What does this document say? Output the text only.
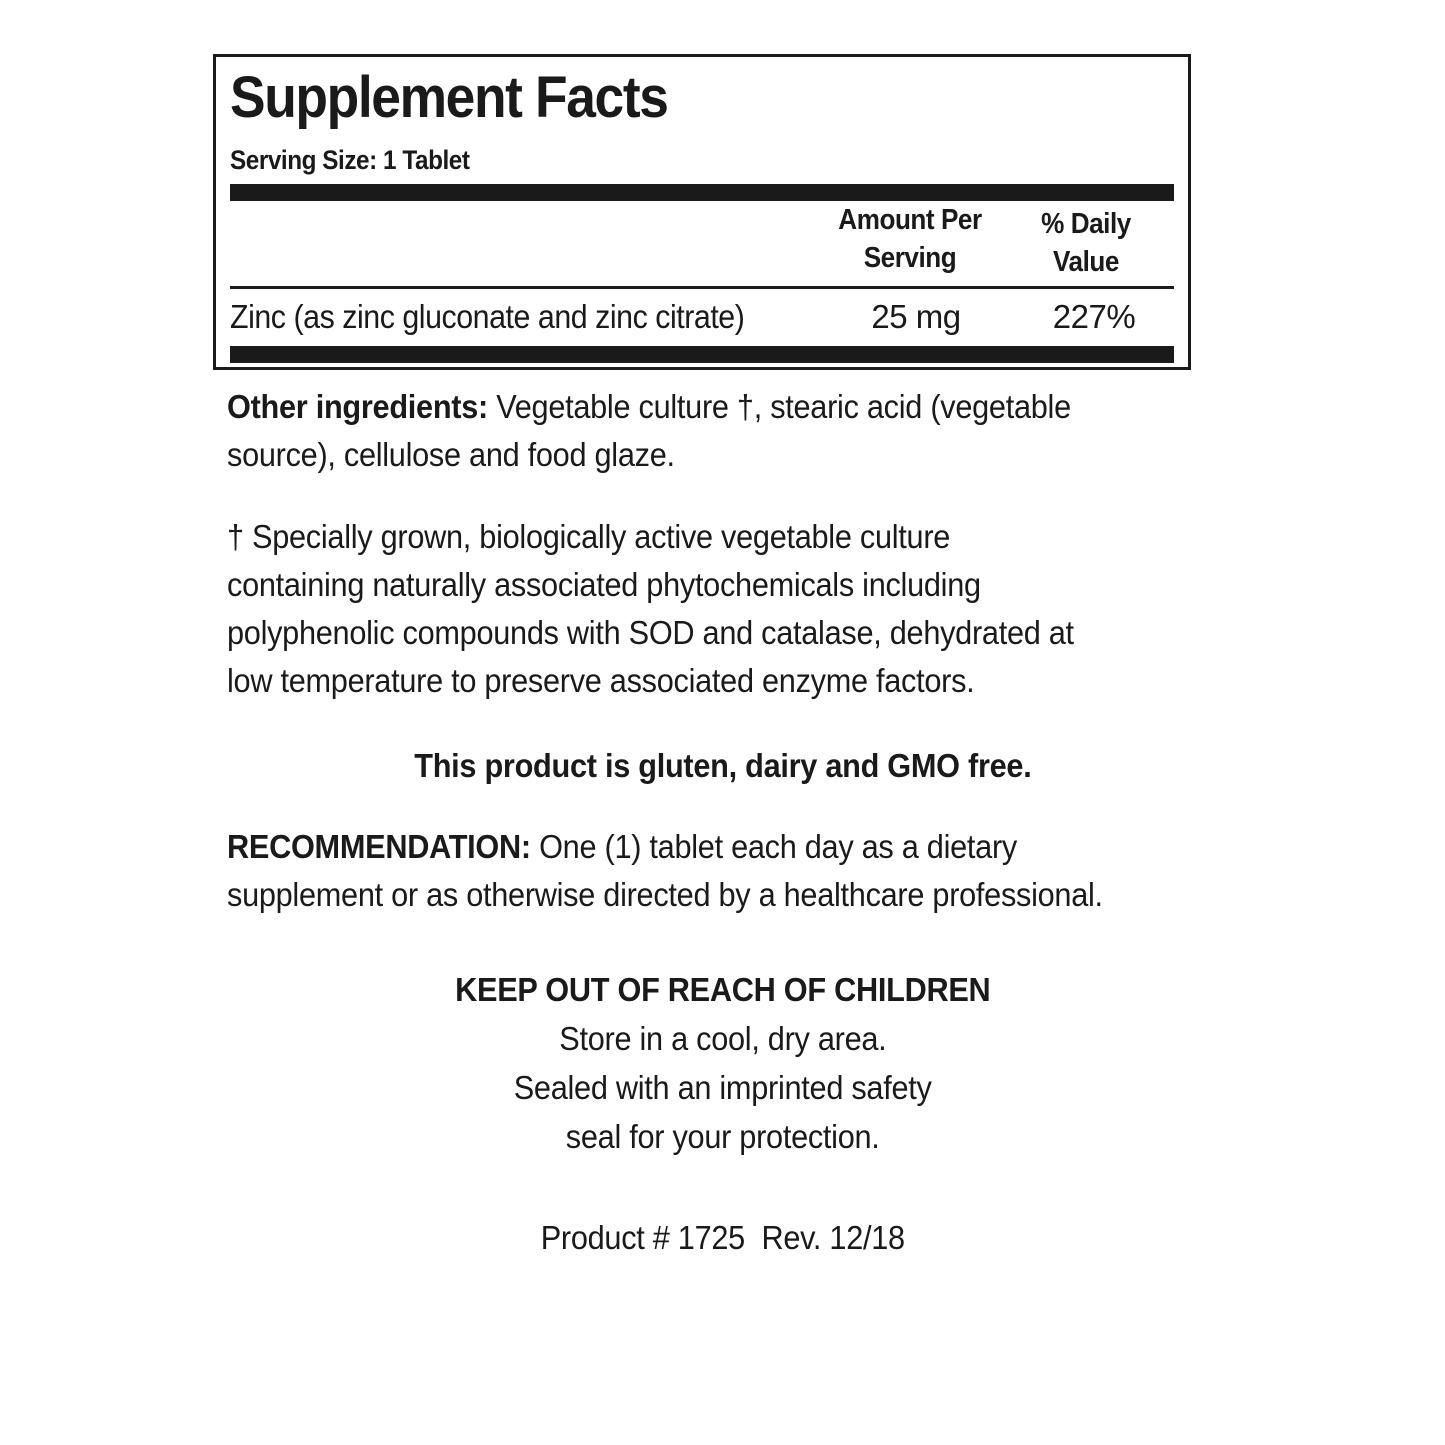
Supplement Facts
Serving Size: 1 Tablet
Amount Per
Serving
% Daily
Value
Zinc (as zinc gluconate and zinc citrate)	25 mg	227%
Other ingredients: Vegetable culture †, stearic acid (vegetable
source), cellulose and food glaze.
† Specially grown, biologically active vegetable culture
containing naturally associated phytochemicals including
polyphenolic compounds with SOD and catalase, dehydrated at
low temperature to preserve associated enzyme factors.
This product is gluten, dairy and GMO free.
RECOMMENDATION: One (1) tablet each day as a dietary
supplement or as otherwise directed by a healthcare professional.
KEEP OUT OF REACH OF CHILDREN
Store in a cool, dry area.
Sealed with an imprinted safety
seal for your protection.
Product # 1725  Rev. 12/18
